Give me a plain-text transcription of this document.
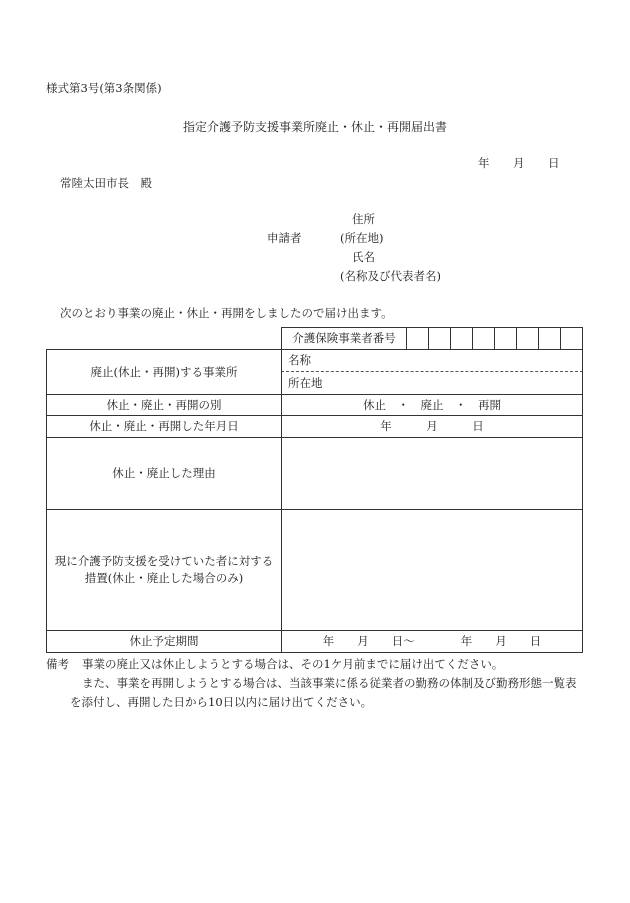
様式第3号(第3条関係)
指定介護予防支援事業所廃止・休止・再開届出書
年 月 日
常陸太田市長　殿
住所
申請者	(所在地)
氏名
(名称及び代表者名)
次のとおり事業の廃止・休止・再開をしましたので届け出ます。
介護保険事業者番号
廃止(休止・再開)する事業所
名称
所在地
休止・廃止・再開の別	休止　・　廃止　・　再開
休止・廃止・再開した年月日	年　　　月　　　日
休止・廃止した理由
現に介護予防支援を受けていた者に対する
措置(休止・廃止した場合のみ)
休止予定期間	年　　月　　日～　　　　年　　月　　日
備考 事業の廃止又は休止しようとする場合は、その1ケ月前までに届け出てください。
また、事業を再開しようとする場合は、当該事業に係る従業者の勤務の体制及び勤務形態一覧表
を添付し、再開した日から10日以内に届け出てください。
